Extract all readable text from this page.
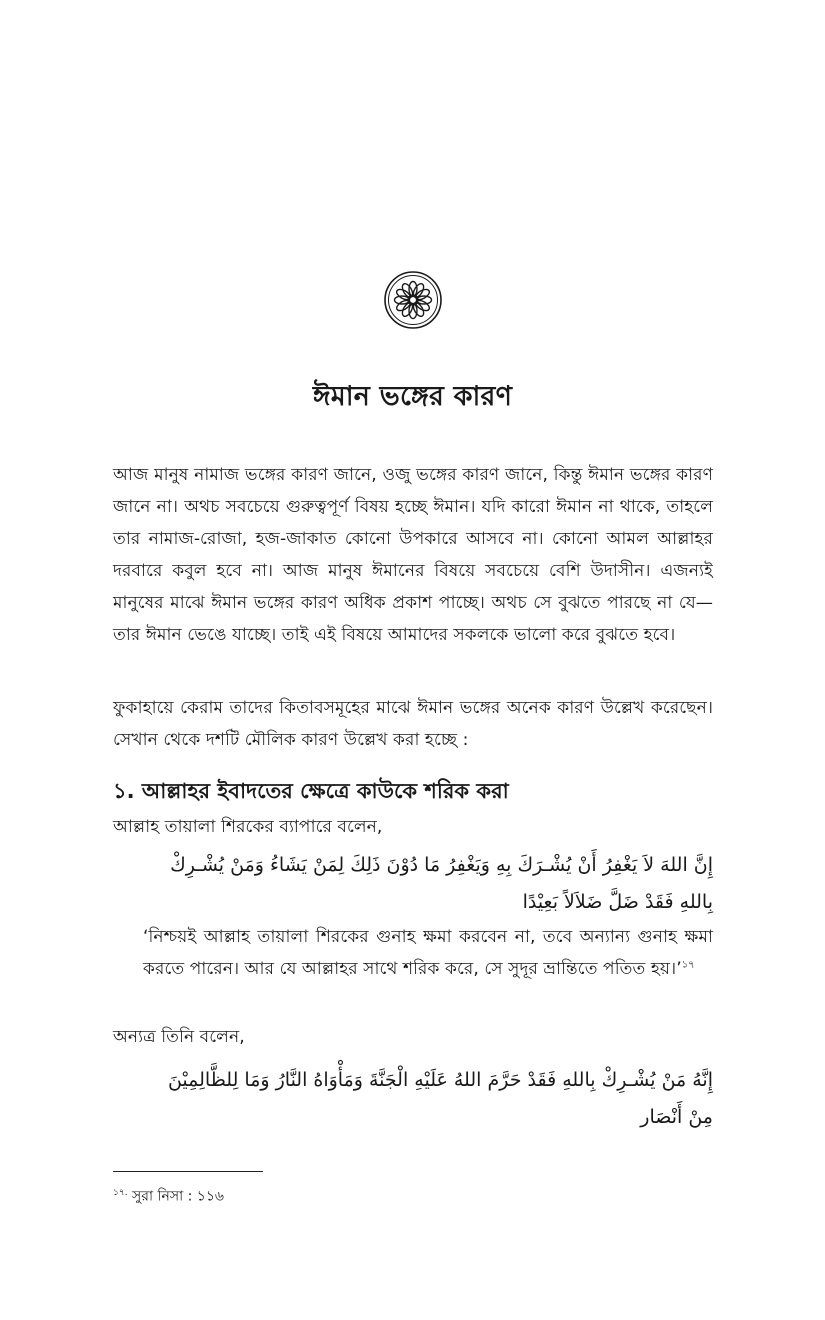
ঈমান ভঙ্গের কারণ

আজ মানুষ নামাজ ভঙ্গের কারণ জানে, ওজু ভঙ্গের কারণ জানে, কিন্তু ঈমান ভঙ্গের কারণ জানে না। অথচ সবচেয়ে গুরুত্বপূর্ণ বিষয় হচ্ছে ঈমান। যদি কারো ঈমান না থাকে, তাহলে তার নামাজ-রোজা, হজ-জাকাত কোনো উপকারে আসবে না। কোনো আমল আল্লাহর দরবারে কবুল হবে না। আজ মানুষ ঈমানের বিষয়ে সবচেয়ে বেশি উদাসীন। এজন্যই মানুষের মাঝে ঈমান ভঙ্গের কারণ অধিক প্রকাশ পাচ্ছে। অথচ সে বুঝতে পারছে না যে—তার ঈমান ভেঙে যাচ্ছে। তাই এই বিষয়ে আমাদের সকলকে ভালো করে বুঝতে হবে।

ফুকাহায়ে কেরাম তাদের কিতাবসমূহের মাঝে ঈমান ভঙ্গের অনেক কারণ উল্লেখ করেছেন। সেখান থেকে দশটি মৌলিক কারণ উল্লেখ করা হচ্ছে :

১. আল্লাহর ইবাদতের ক্ষেত্রে কাউকে শরিক করা

আল্লাহ তায়ালা শিরকের ব্যাপারে বলেন,

إِنَّ اللهَ لاَ يَغْفِرُ أَنْ يُشْـرَكَ بِهِ وَيَغْفِرُ مَا دُوْنَ ذَلِكَ لِمَنْ يَشَاءُ وَمَنْ يُشْـرِكْ بِاللهِ فَقَدْ ضَلَّ ضَلاَلاً بَعِيْدًا

‘নিশ্চয়ই আল্লাহ তায়ালা শিরকের গুনাহ ক্ষমা করবেন না, তবে অন্যান্য গুনাহ ক্ষমা করতে পারেন। আর যে আল্লাহর সাথে শরিক করে, সে সুদূর ভ্রান্তিতে পতিত হয়।’$^{১৭}$

অন্যত্র তিনি বলেন,

إِنَّهُ مَنْ يُشْـرِكْ بِاللهِ فَقَدْ حَرَّمَ اللهُ عَلَيْهِ الْجَنَّةَ وَمَأْوَاهُ النَّارُ وَمَا لِلظَّالِمِيْنَ مِنْ أَنْصَار

$^{১৭.}$ সুরা নিসা : ১১৬
